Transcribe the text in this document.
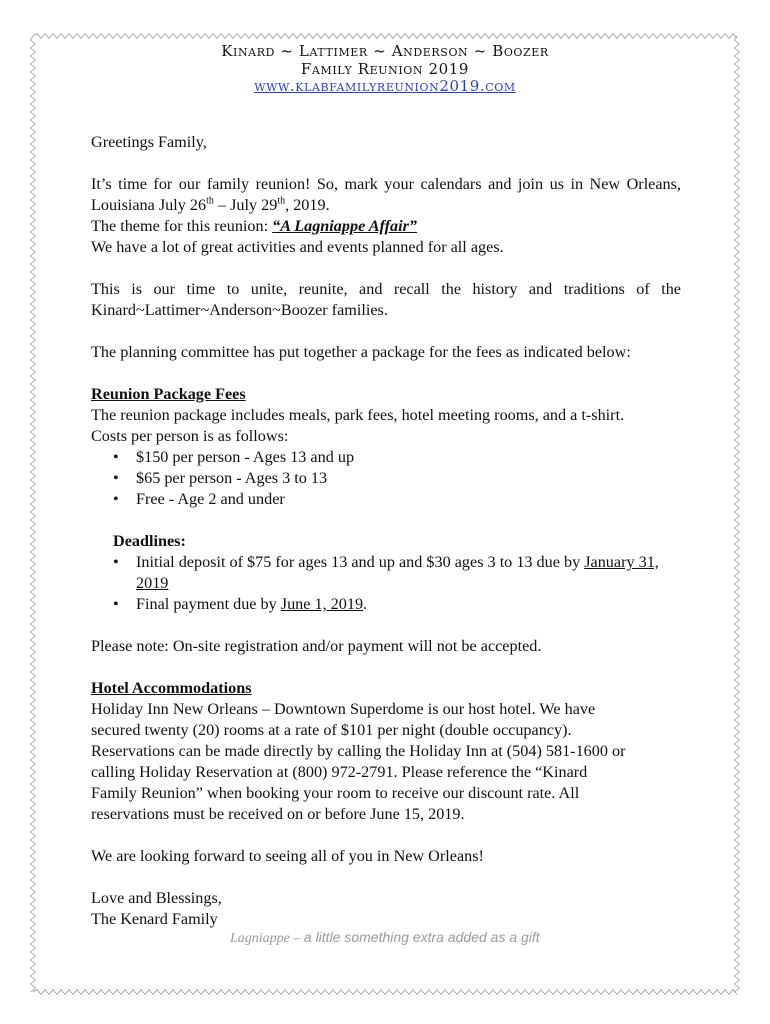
Kinard ~ Lattimer ~ Anderson ~ Boozer
Family Reunion 2019
www.klabfamilyreunion2019.com

Greetings Family,

It’s time for our family reunion! So, mark your calendars and join us in New Orleans, Louisiana July 26th – July 29th, 2019.

The theme for this reunion: “A Lagniappe Affair”

We have a lot of great activities and events planned for all ages.

This is our time to unite, reunite, and recall the history and traditions of the Kinard~Lattimer~Anderson~Boozer families.

The planning committee has put together a package for the fees as indicated below:

Reunion Package Fees

The reunion package includes meals, park fees, hotel meeting rooms, and a t-shirt.

Costs per person is as follows:

• $150 per person - Ages 13 and up
• $65 per person - Ages 3 to 13
• Free - Age 2 and under

Deadlines:

• Initial deposit of $75 for ages 13 and up and $30 ages 3 to 13 due by January 31, 2019
• Final payment due by June 1, 2019.

Please note: On-site registration and/or payment will not be accepted.

Hotel Accommodations

Holiday Inn New Orleans – Downtown Superdome is our host hotel. We have

secured twenty (20) rooms at a rate of $101 per night (double occupancy).

Reservations can be made directly by calling the Holiday Inn at (504) 581-1600 or

calling Holiday Reservation at (800) 972-2791. Please reference the “Kinard

Family Reunion” when booking your room to receive our discount rate. All

reservations must be received on or before June 15, 2019.

We are looking forward to seeing all of you in New Orleans!

Love and Blessings,

The Kenard Family

Lagniappe – a little something extra added as a gift
